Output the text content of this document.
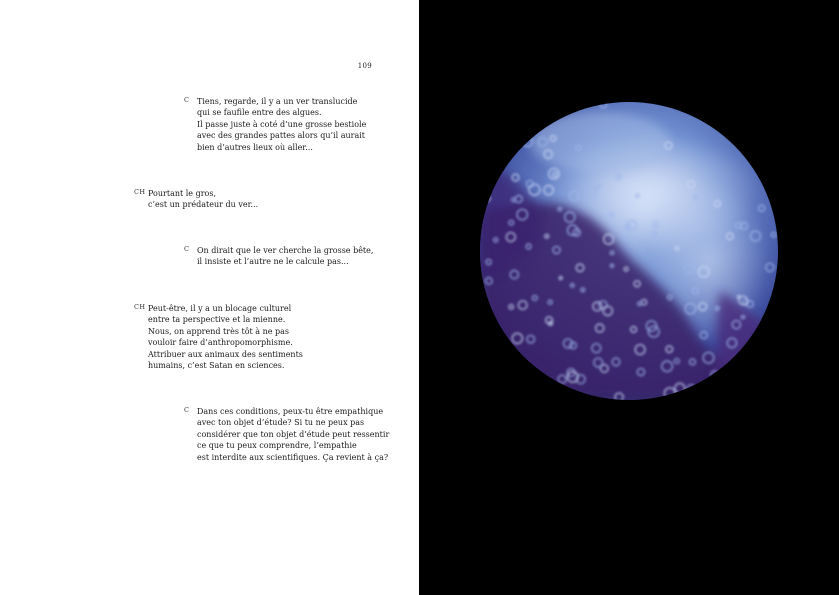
109
C Tiens, regarde, il y a un ver translucide
qui se faufile entre des algues.
Il passe juste à coté d’une grosse bestiole
avec des grandes pattes alors qu’il aurait
bien d’autres lieux où aller...
CH Pourtant le gros,
c’est un prédateur du ver...
C On dirait que le ver cherche la grosse bête,
il insiste et l’autre ne le calcule pas...
CH Peut-être, il y a un blocage culturel
entre ta perspective et la mienne.
Nous, on apprend très tôt à ne pas
vouloir faire d’anthropomorphisme.
Attribuer aux animaux des sentiments
humains, c’est Satan en sciences.
C Dans ces conditions, peux-tu être empathique
avec ton objet d’étude? Si tu ne peux pas
considérer que ton objet d’étude peut ressentir
ce que tu peux comprendre, l’empathie
est interdite aux scientifiques. Ça revient à ça?
